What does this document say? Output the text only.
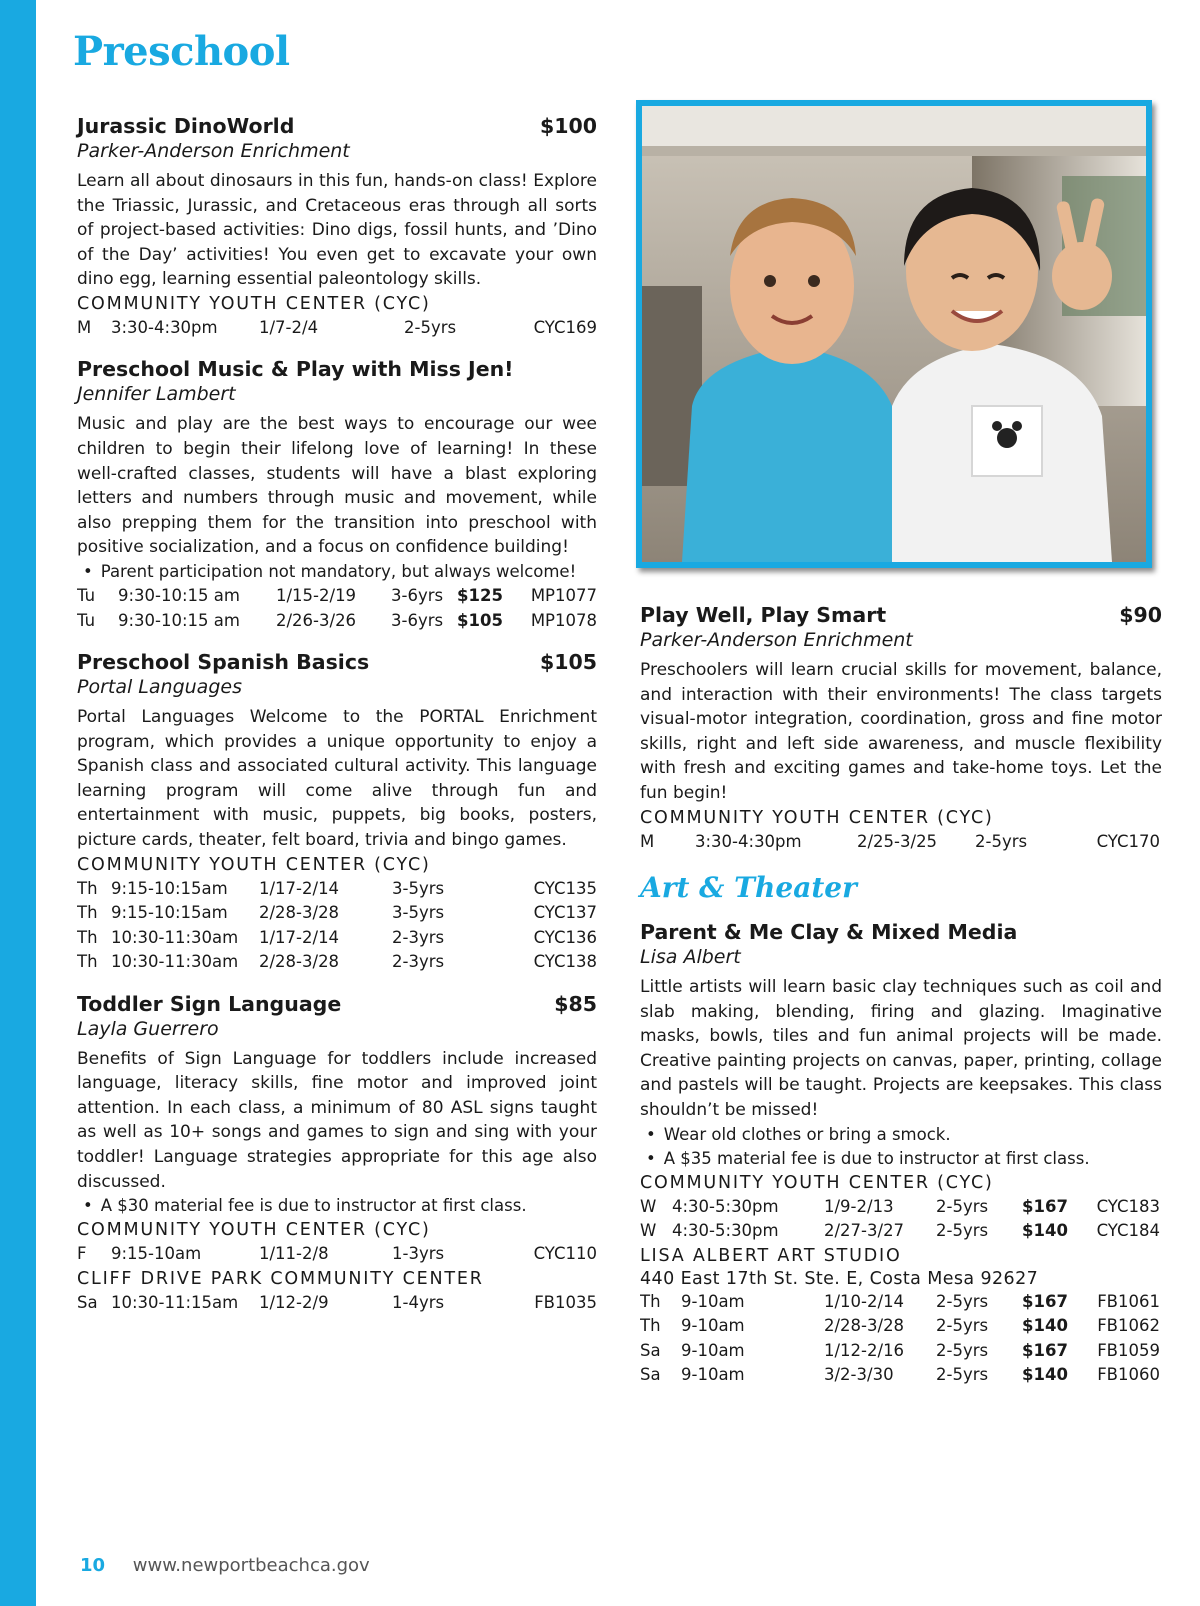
Preschool
Jurassic DinoWorld	$100
Parker-Anderson Enrichment
Learn all about dinosaurs in this fun, hands-on class! Explore the Triassic, Jurassic, and Cretaceous eras through all sorts of project-based activities: Dino digs, fossil hunts, and ’Dino of the Day’ activities! You even get to excavate your own dino egg, learning essential paleontology skills.
COMMUNITY YOUTH CENTER (CYC)
M	3:30-4:30pm	1/7-2/4	2-5yrs	CYC169
Preschool Music & Play with Miss Jen!
Jennifer Lambert
Music and play are the best ways to encourage our wee children to begin their lifelong love of learning! In these well-crafted classes, students will have a blast exploring letters and numbers through music and movement, while also prepping them for the transition into preschool with positive socialization, and a focus on confidence building!
• Parent participation not mandatory, but always welcome!
Tu	9:30-10:15 am	1/15-2/19	3-6yrs $125	MP1077
Tu	9:30-10:15 am	2/26-3/26	3-6yrs $105	MP1078
Preschool Spanish Basics	$105
Portal Languages
Portal Languages Welcome to the PORTAL Enrichment program, which provides a unique opportunity to enjoy a Spanish class and associated cultural activity. This language learning program will come alive through fun and entertainment with music, puppets, big books, posters, picture cards, theater, felt board, trivia and bingo games.
COMMUNITY YOUTH CENTER (CYC)
Th 9:15-10:15am	1/17-2/14	3-5yrs	CYC135
Th 9:15-10:15am	2/28-3/28	3-5yrs	CYC137
Th 10:30-11:30am	1/17-2/14	2-3yrs	CYC136
Th 10:30-11:30am	2/28-3/28	2-3yrs	CYC138
Toddler Sign Language	$85
Layla Guerrero
Benefits of Sign Language for toddlers include increased language, literacy skills, fine motor and improved joint attention. In each class, a minimum of 80 ASL signs taught as well as 10+ songs and games to sign and sing with your toddler! Language strategies appropriate for this age also discussed.
• A $30 material fee is due to instructor at first class.
COMMUNITY YOUTH CENTER (CYC)
F	9:15-10am	1/11-2/8	1-3yrs	CYC110
CLIFF DRIVE PARK COMMUNITY CENTER
Sa 10:30-11:15am	1/12-2/9	1-4yrs	FB1035
Play Well, Play Smart	$90
Parker-Anderson Enrichment
Preschoolers will learn crucial skills for movement, balance, and interaction with their environments! The class targets visual-motor integration, coordination, gross and fine motor skills, right and left side awareness, and muscle flexibility with fresh and exciting games and take-home toys. Let the fun begin!
COMMUNITY YOUTH CENTER (CYC)
M	3:30-4:30pm	2/25-3/25	2-5yrs	CYC170
Art & Theater
Parent & Me Clay & Mixed Media
Lisa Albert
Little artists will learn basic clay techniques such as coil and slab making, blending, firing and glazing. Imaginative masks, bowls, tiles and fun animal projects will be made. Creative painting projects on canvas, paper, printing, collage and pastels will be taught. Projects are keepsakes. This class shouldn’t be missed!
• Wear old clothes or bring a smock.
• A $35 material fee is due to instructor at first class.
COMMUNITY YOUTH CENTER (CYC)
W 4:30-5:30pm	1/9-2/13	2-5yrs	$167	CYC183
W 4:30-5:30pm	2/27-3/27	2-5yrs	$140	CYC184
LISA ALBERT ART STUDIO
440 East 17th St. Ste. E, Costa Mesa 92627
Th	9-10am	1/10-2/14	2-5yrs	$167	FB1061
Th	9-10am	2/28-3/28	2-5yrs	$140	FB1062
Sa	9-10am	1/12-2/16	2-5yrs	$167	FB1059
Sa	9-10am	3/2-3/30	2-5yrs	$140	FB1060
10 www.newportbeachca.gov
